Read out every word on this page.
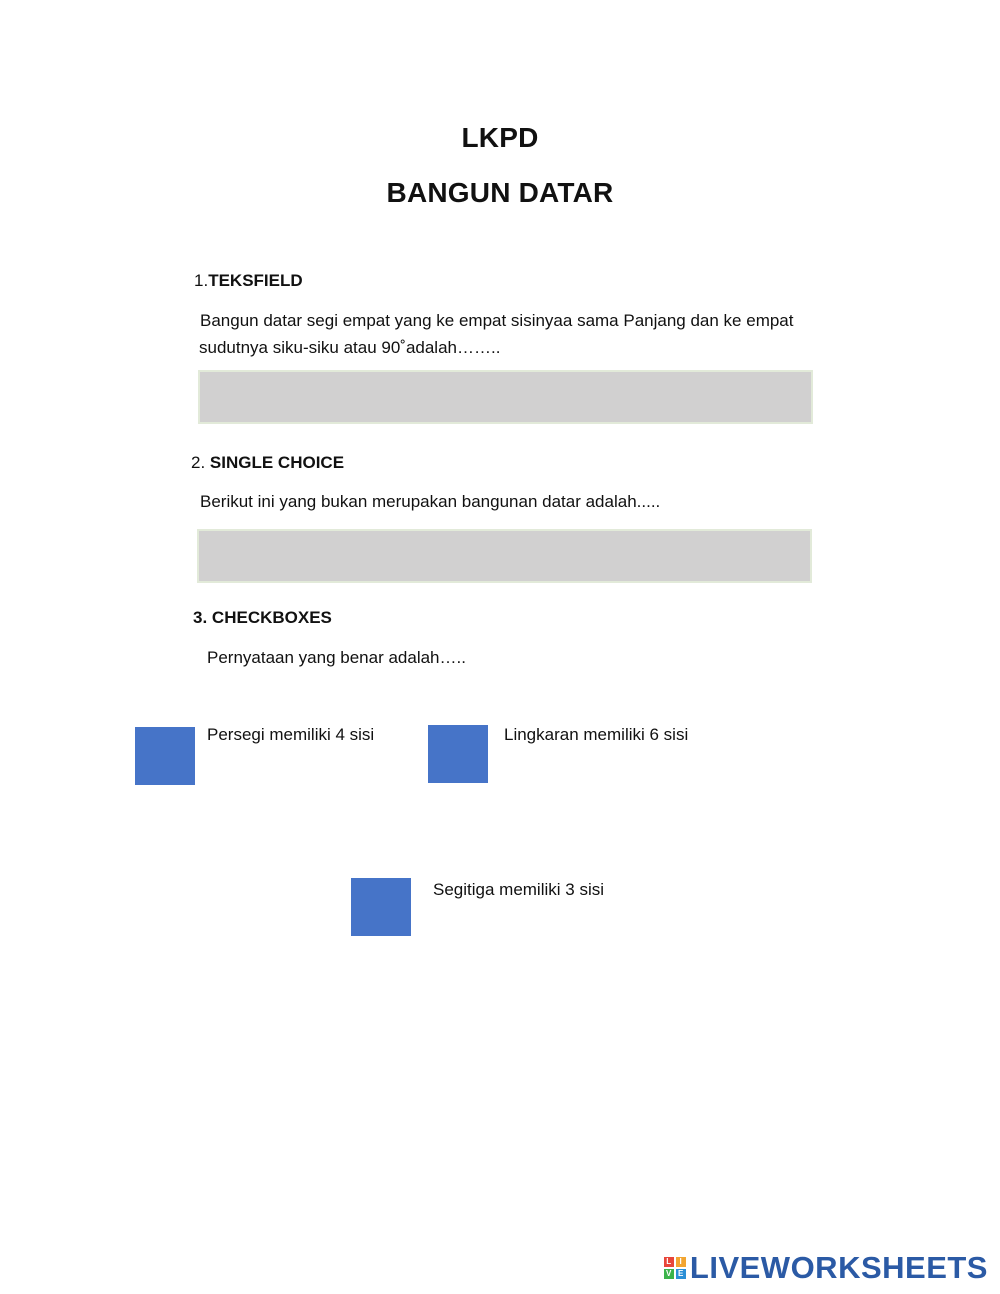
LKPD
BANGUN DATAR
1.TEKSFIELD
Bangun datar segi empat yang ke empat sisinyaa sama Panjang dan ke empat
sudutnya siku-siku atau 90˚adalah……..
2. SINGLE CHOICE
Berikut ini yang bukan merupakan bangunan datar adalah.....
3. CHECKBOXES
Pernyataan yang benar adalah…..
Persegi memiliki 4 sisi	Lingkaran memiliki 6 sisi
Segitiga memiliki 3 sisi
L I
V E LIVEWORKSHEETS
